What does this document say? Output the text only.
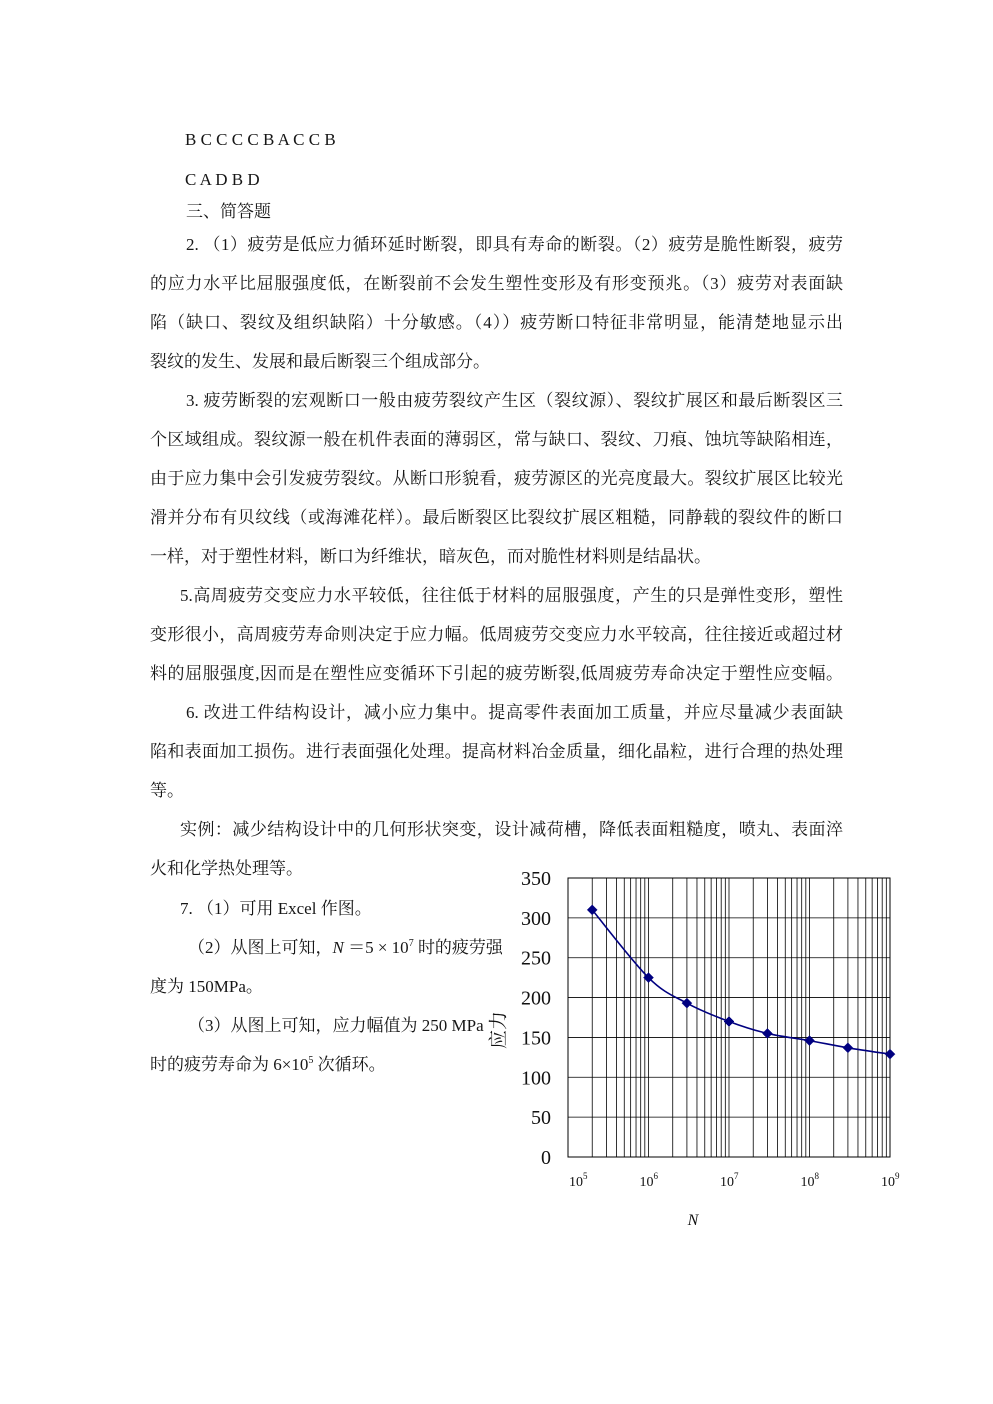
B C C C C B A C C B
C A D B D
三、简答题
2. （1）疲劳是低应力循环延时断裂，即具有寿命的断裂。（2）疲劳是脆性断裂，疲劳
的应力水平比屈服强度低，在断裂前不会发生塑性变形及有形变预兆。（3）疲劳对表面缺
陷（缺口、裂纹及组织缺陷）十分敏感。（4））疲劳断口特征非常明显，能清楚地显示出
裂纹的发生、发展和最后断裂三个组成部分。
3. 疲劳断裂的宏观断口一般由疲劳裂纹产生区（裂纹源）、裂纹扩展区和最后断裂区三
个区域组成。裂纹源一般在机件表面的薄弱区，常与缺口、裂纹、刀痕、蚀坑等缺陷相连，
由于应力集中会引发疲劳裂纹。从断口形貌看，疲劳源区的光亮度最大。裂纹扩展区比较光
滑并分布有贝纹线（或海滩花样）。最后断裂区比裂纹扩展区粗糙，同静载的裂纹件的断口
一样，对于塑性材料，断口为纤维状，暗灰色，而对脆性材料则是结晶状。
5.高周疲劳交变应力水平较低，往往低于材料的屈服强度，产生的只是弹性变形，塑性
变形很小，高周疲劳寿命则决定于应力幅。低周疲劳交变应力水平较高，往往接近或超过材
料的屈服强度,因而是在塑性应变循环下引起的疲劳断裂,低周疲劳寿命决定于塑性应变幅。
6. 改进工件结构设计，减小应力集中。提高零件表面加工质量，并应尽量减少表面缺
陷和表面加工损伤。进行表面强化处理。提高材料冶金质量，细化晶粒，进行合理的热处理
等。
实例：减少结构设计中的几何形状突变，设计减荷槽，降低表面粗糙度，喷丸、表面淬
火和化学热处理等。
7. （1）可用 Excel 作图。
（2）从图上可知，$N =5 \times 10^7$ 时的疲劳强
度为 150MPa。
（3）从图上可知，应力幅值为 250 MPa
时的疲劳寿命为 $6\times 10^5$ 次循环。
应力
N
0
50
100
150
200
250
300
350
$10^5$	$10^6$	$10^7$	$10^8$	$10^9$
